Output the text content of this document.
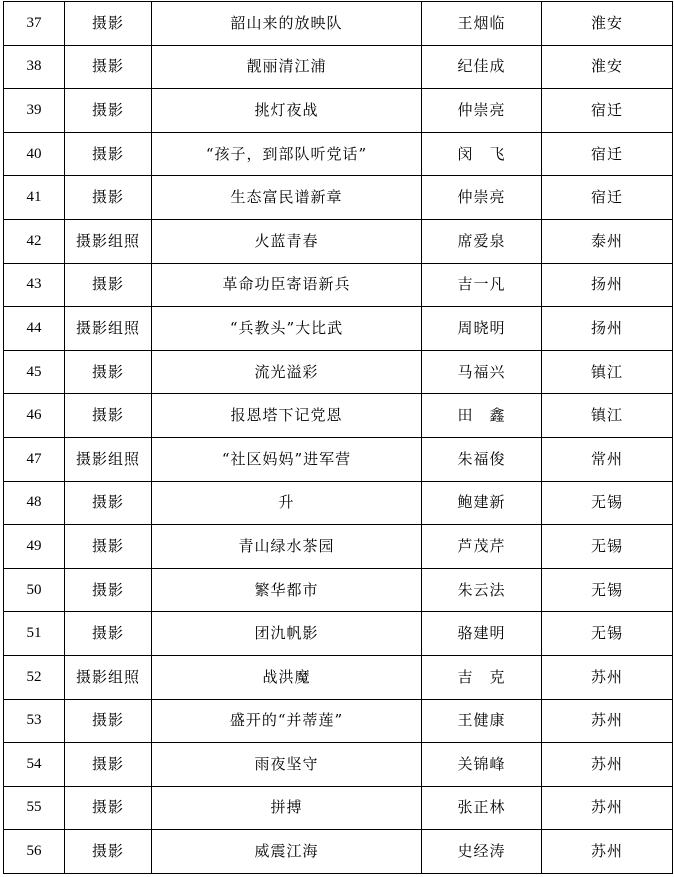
37	摄影	韶山来的放映队	王烟临	淮安
38	摄影	靓丽清江浦	纪佳成	淮安
39	摄影	挑灯夜战	仲崇亮	宿迁
40	摄影	“孩子，到部队听党话”	闵　飞	宿迁
41	摄影	生态富民谱新章	仲崇亮	宿迁
42	摄影组照	火蓝青春	席爱泉	泰州
43	摄影	革命功臣寄语新兵	吉一凡	扬州
44	摄影组照	“兵教头”大比武	周晓明	扬州
45	摄影	流光溢彩	马福兴	镇江
46	摄影	报恩塔下记党恩	田　鑫	镇江
47	摄影组照	“社区妈妈”进军营	朱福俊	常州
48	摄影	升	鲍建新	无锡
49	摄影	青山绿水茶园	芦茂芹	无锡
50	摄影	繁华都市	朱云法	无锡
51	摄影	团氿帆影	骆建明	无锡
52	摄影组照	战洪魔	吉　克	苏州
53	摄影	盛开的“并蒂莲”	王健康	苏州
54	摄影	雨夜坚守	关锦峰	苏州
55	摄影	拼搏	张正林	苏州
56	摄影	威震江海	史经涛	苏州
